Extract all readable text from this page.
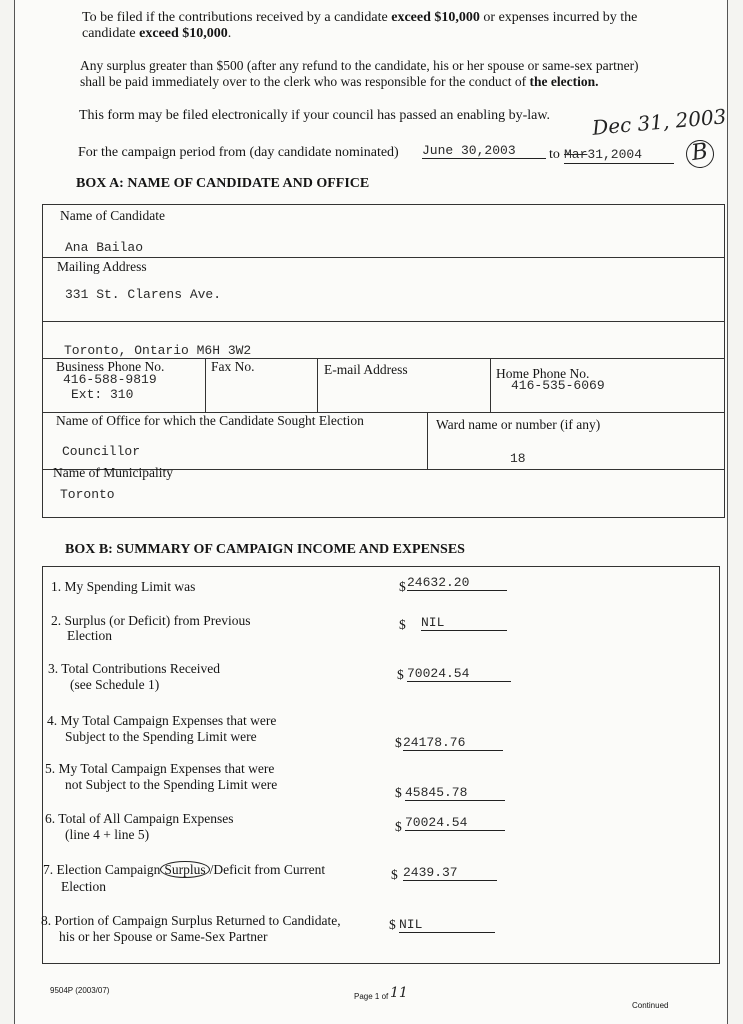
To be filed if the contributions received by a candidate exceed $10,000 or expenses incurred by the
candidate exceed $10,000.
Any surplus greater than $500 (after any refund to the candidate, his or her spouse or same-sex partner)
shall be paid immediately over to the clerk who was responsible for the conduct of the election.
This form may be filed electronically if your council has passed an enabling by-law.	Dec 31, 2003
For the campaign period from (day candidate nominated)	June 30,2003	to Mar31,2004	B
BOX A: NAME OF CANDIDATE AND OFFICE
Name of Candidate
Ana Bailao
Mailing Address
331 St. Clarens Ave.
Toronto, Ontario M6H 3W2
Business Phone No.
416-588-9819
Ext: 310
Fax No.	E-mail Address	Home Phone No.
416-535-6069
Name of Office for which the Candidate Sought Election
Councillor
Ward name or number (if any)
18
Name of Municipality
Toronto
BOX B: SUMMARY OF CAMPAIGN INCOME AND EXPENSES
1. My Spending Limit was	$ 24632.20
2. Surplus (or Deficit) from Previous
Election
$ NIL
3. Total Contributions Received
(see Schedule 1)
$ 70024.54
4. My Total Campaign Expenses that were
Subject to the Spending Limit were	$ 24178.76
5. My Total Campaign Expenses that were
not Subject to the Spending Limit were
$ 45845.78
6. Total of All Campaign Expenses
(line 4 + line 5)
$ 70024.54
7. Election Campaign Surplus /Deficit from Current
Election
$ 2439.37
8. Portion of Campaign Surplus Returned to Candidate,
his or her Spouse or Same-Sex Partner
$ NIL
9504P (2003/07)
Page 1 of 11
Continued
